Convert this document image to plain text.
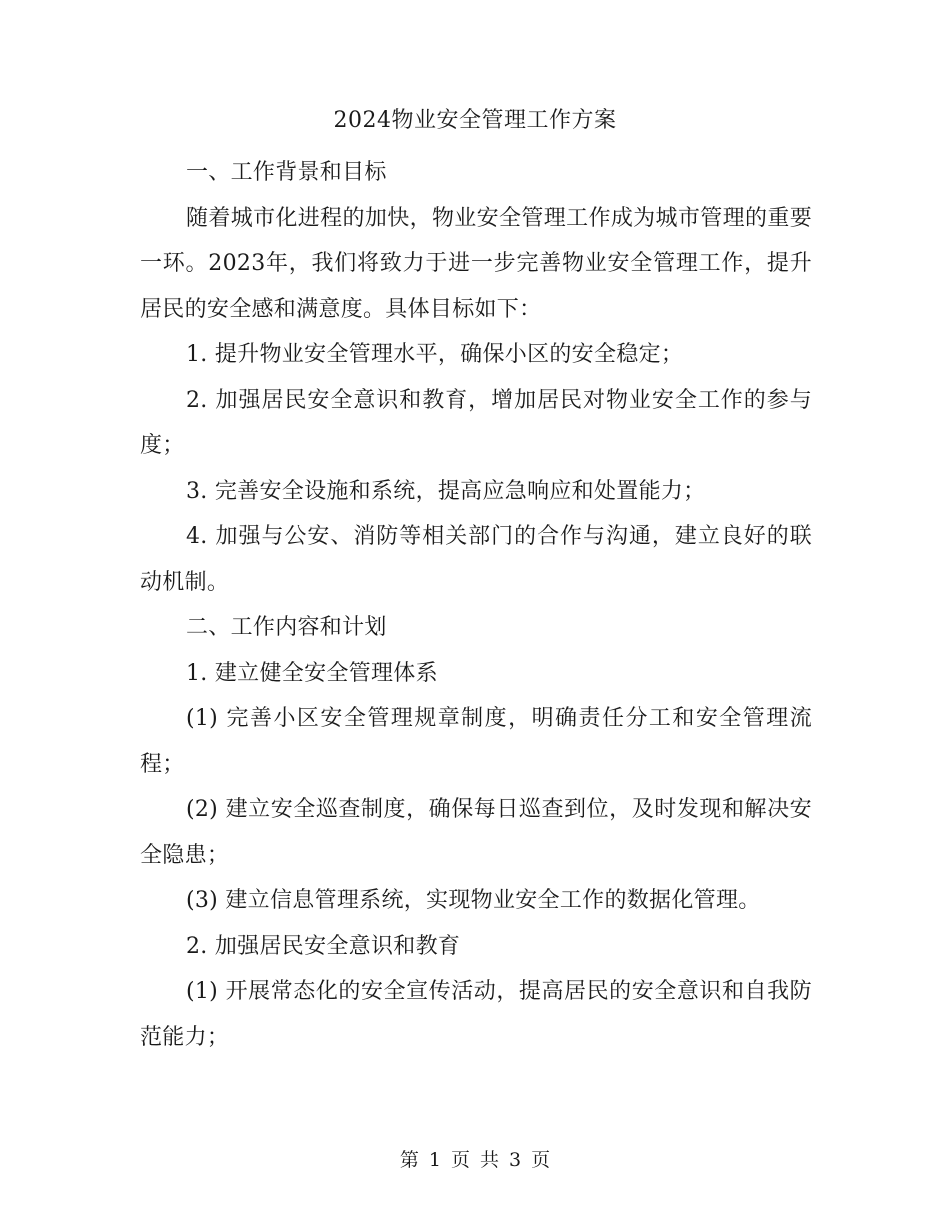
2024物业安全管理工作方案

一、工作背景和目标

随着城市化进程的加快，物业安全管理工作成为城市管理的重要一环。2023年，我们将致力于进一步完善物业安全管理工作，提升居民的安全感和满意度。具体目标如下：

1. 提升物业安全管理水平，确保小区的安全稳定；

2. 加强居民安全意识和教育，增加居民对物业安全工作的参与度；

3. 完善安全设施和系统，提高应急响应和处置能力；

4. 加强与公安、消防等相关部门的合作与沟通，建立良好的联动机制。

二、工作内容和计划

1. 建立健全安全管理体系

(1) 完善小区安全管理规章制度，明确责任分工和安全管理流程；

(2) 建立安全巡查制度，确保每日巡查到位，及时发现和解决安全隐患；

(3) 建立信息管理系统，实现物业安全工作的数据化管理。

2. 加强居民安全意识和教育

(1) 开展常态化的安全宣传活动，提高居民的安全意识和自我防范能力；

第 1 页 共 3 页
